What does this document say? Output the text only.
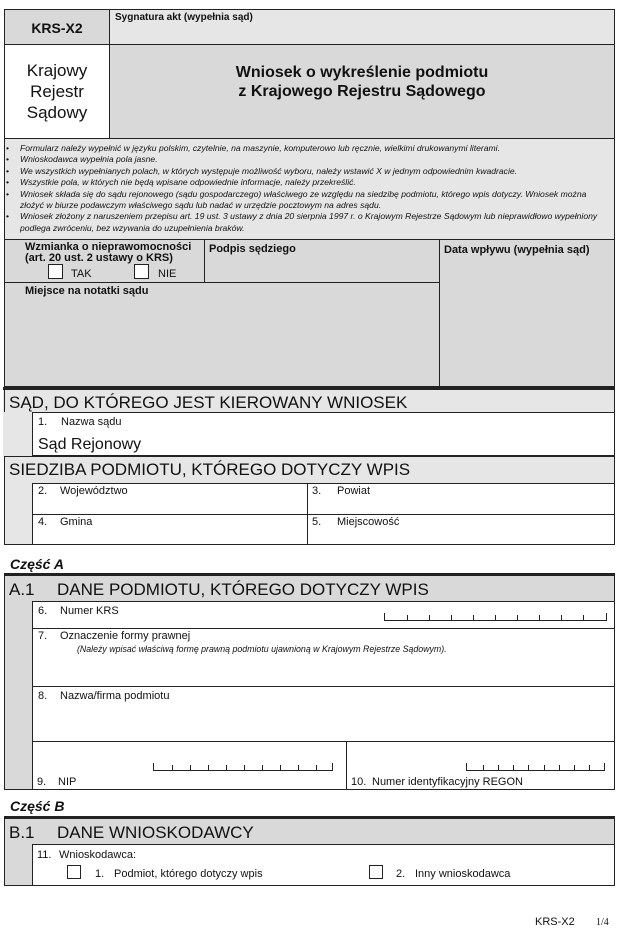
KRS-X2
Sygnatura akt (wypełnia sąd)
Krajowy
Rejestr
Sądowy
Wniosek o wykreślenie podmiotu
z Krajowego Rejestru Sądowego
• Formularz należy wypełnić w języku polskim, czytelnie, na maszynie, komputerowo lub ręcznie, wielkimi drukowanymi literami.
• Wnioskodawca wypełnia pola jasne.
• We wszystkich wypełnianych polach, w których występuje możliwość wyboru, należy wstawić X w jednym odpowiednim kwadracie.
• Wszystkie pola, w których nie będą wpisane odpowiednie informacje, należy przekreślić.
• Wniosek składa się do sądu rejonowego (sądu gospodarczego) właściwego ze względu na siedzibę podmiotu, którego wpis dotyczy. Wniosek można złożyć w biurze podawczym właściwego sądu lub nadać w urzędzie pocztowym na adres sądu.
• Wniosek złożony z naruszeniem przepisu art. 19 ust. 3 ustawy z dnia 20 sierpnia 1997 r. o Krajowym Rejestrze Sądowym lub nieprawidłowo wypełniony podlega zwróceniu, bez wzywania do uzupełnienia braków.
Wzmianka o nieprawomocności
(art. 20 ust. 2 ustawy o KRS)
TAK	NIE
Podpis sędziego	Data wpływu (wypełnia sąd)
Miejsce na notatki sądu
SĄD, DO KTÓREGO JEST KIEROWANY WNIOSEK
1. Nazwa sądu
Sąd Rejonowy
SIEDZIBA PODMIOTU, KTÓREGO DOTYCZY WPIS
2. Województwo	3. Powiat
4. Gmina	5. Miejscowość
Część A
A.1 DANE PODMIOTU, KTÓREGO DOTYCZY WPIS
6. Numer KRS
7. Oznaczenie formy prawnej
(Należy wpisać właściwą formę prawną podmiotu ujawnioną w Krajowym Rejestrze Sądowym).
8. Nazwa/firma podmiotu
9. NIP	10. Numer identyfikacyjny REGON
Część B
B.1 DANE WNIOSKODAWCY
11. Wnioskodawca:
1. Podmiot, którego dotyczy wpis	2. Inny wnioskodawca
KRS-X2 1/4
